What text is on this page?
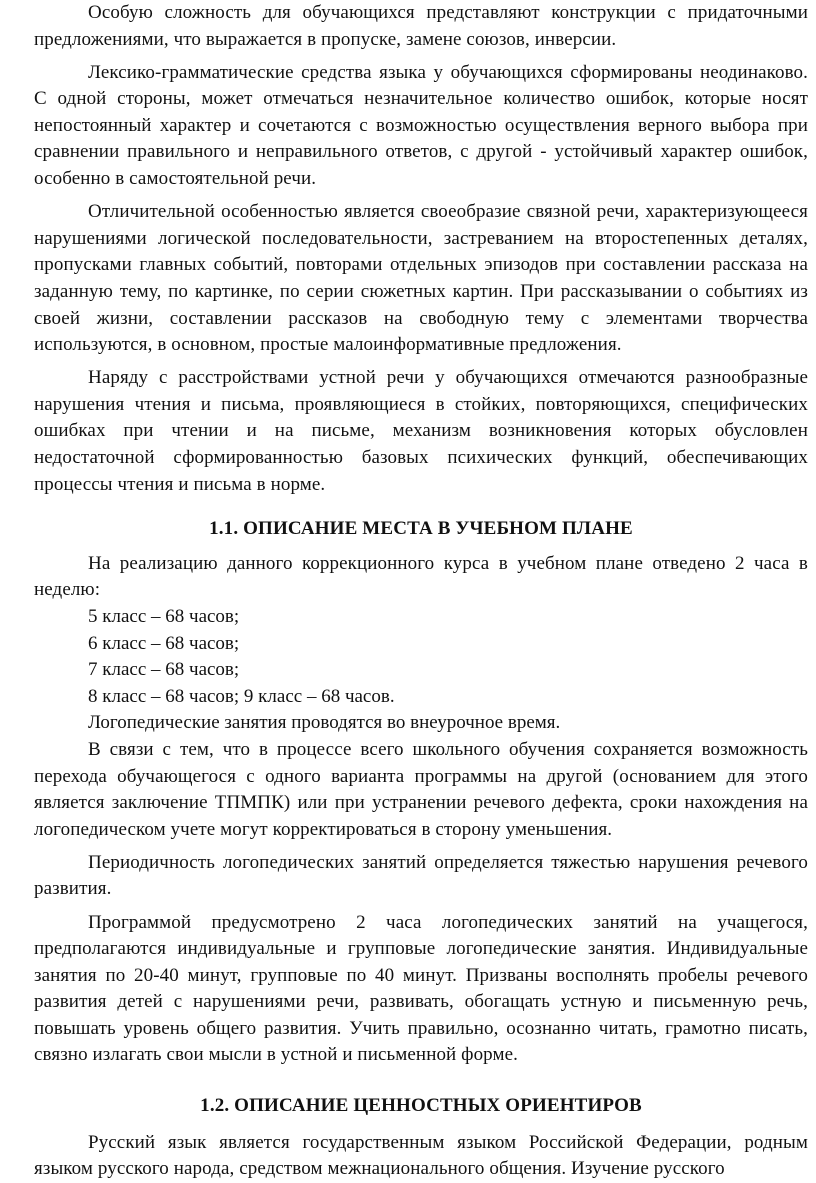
Особую сложность для обучающихся представляют конструкции с придаточными предложениями, что выражается в пропуске, замене союзов, инверсии.

Лексико-грамматические средства языка у обучающихся сформированы неодинаково. С одной стороны, может отмечаться незначительное количество ошибок, которые носят непостоянный характер и сочетаются с возможностью осуществления верного выбора при сравнении правильного и неправильного ответов, с другой - устойчивый характер ошибок, особенно в самостоятельной речи.

Отличительной особенностью является своеобразие связной речи, характеризующееся нарушениями логической последовательности, застреванием на второстепенных деталях, пропусками главных событий, повторами отдельных эпизодов при составлении рассказа на заданную тему, по картинке, по серии сюжетных картин. При рассказывании о событиях из своей жизни, составлении рассказов на свободную тему с элементами творчества используются, в основном, простые малоинформативные предложения.

Наряду с расстройствами устной речи у обучающихся отмечаются разнообразные нарушения чтения и письма, проявляющиеся в стойких, повторяющихся, специфических ошибках при чтении и на письме, механизм возникновения которых обусловлен недостаточной сформированностью базовых психических функций, обеспечивающих процессы чтения и письма в норме.

1.1. ОПИСАНИЕ МЕСТА В УЧЕБНОМ ПЛАНЕ

На реализацию данного коррекционного курса в учебном плане отведено 2 часа в неделю:

5 класс – 68 часов;

6 класс – 68 часов;

7 класс – 68 часов;

8 класс – 68 часов; 9 класс – 68 часов.

Логопедические занятия проводятся во внеурочное время.

В связи с тем, что в процессе всего школьного обучения сохраняется возможность перехода обучающегося с одного варианта программы на другой (основанием для этого является заключение ТПМПК) или при устранении речевого дефекта, сроки нахождения на логопедическом учете могут корректироваться в сторону уменьшения.

Периодичность логопедических занятий определяется тяжестью нарушения речевого развития.

Программой предусмотрено 2 часа логопедических занятий на учащегося, предполагаются индивидуальные и групповые логопедические занятия. Индивидуальные занятия по 20-40 минут, групповые по 40 минут. Призваны восполнять пробелы речевого развития детей с нарушениями речи, развивать, обогащать устную и письменную речь, повышать уровень общего развития. Учить правильно, осознанно читать, грамотно писать, связно излагать свои мысли в устной и письменной форме.

1.2. ОПИСАНИЕ ЦЕННОСТНЫХ ОРИЕНТИРОВ

Русский язык является государственным языком Российской Федерации, родным языком русского народа, средством межнационального общения. Изучение русского
